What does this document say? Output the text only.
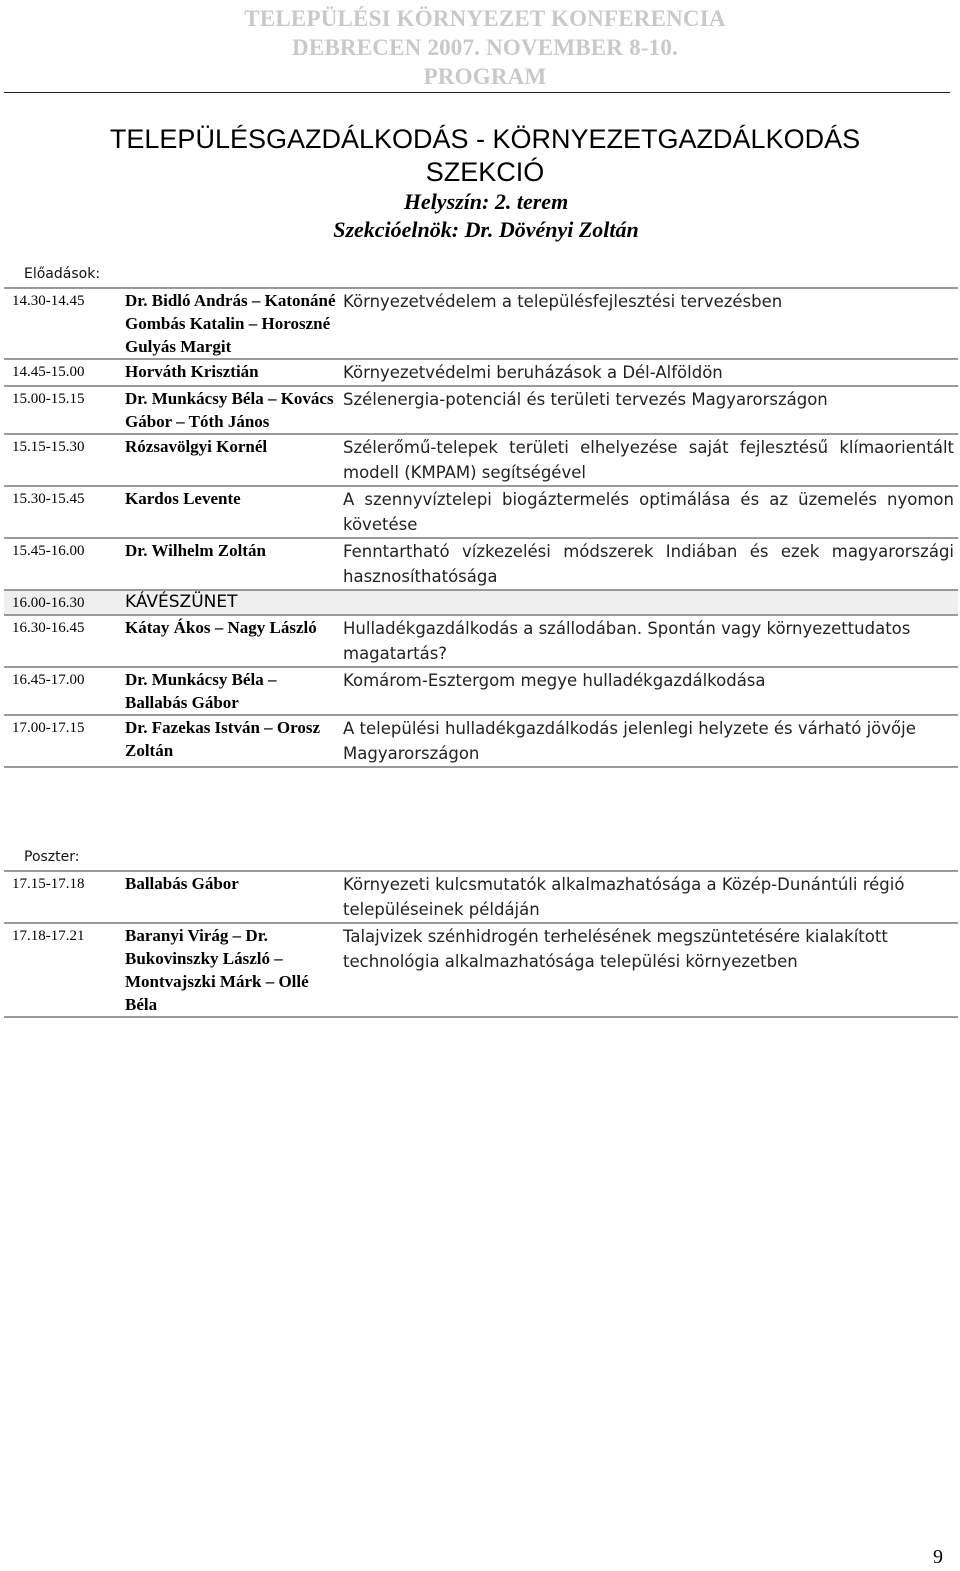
TELEPÜLÉSI KÖRNYEZET KONFERENCIA
DEBRECEN 2007. NOVEMBER 8-10.
PROGRAM
TELEPÜLÉSGAZDÁLKODÁS - KÖRNYEZETGAZDÁLKODÁS
SZEKCIÓ
Helyszín: 2. terem
Szekcióelnök: Dr. Dövényi Zoltán
Előadások:
14.30-14.45	Dr. Bidló András – Katonáné Gombás Katalin – Horoszné Gulyás Margit	Környezetvédelem a településfejlesztési tervezésben
14.45-15.00	Horváth Krisztián	Környezetvédelmi beruházások a Dél-Alföldön
15.00-15.15	Dr. Munkácsy Béla – Kovács Gábor – Tóth János	Szélenergia-potenciál és területi tervezés Magyarországon
15.15-15.30	Rózsavölgyi Kornél	Szélerőmű-telepek területi elhelyezése saját fejlesztésű klímaorientált modell (KMPAM) segítségével
15.30-15.45	Kardos Levente	A szennyvíztelepi biogáztermelés optimálása és az üzemelés nyomon követése
15.45-16.00	Dr. Wilhelm Zoltán	Fenntartható vízkezelési módszerek Indiában és ezek magyarországi hasznosíthatósága
16.00-16.30	KÁVÉSZÜNET	
16.30-16.45	Kátay Ákos – Nagy László	Hulladékgazdálkodás a szállodában. Spontán vagy környezettudatos magatartás?
16.45-17.00	Dr. Munkácsy Béla – Ballabás Gábor	Komárom-Esztergom megye hulladékgazdálkodása
17.00-17.15	Dr. Fazekas István – Orosz Zoltán	A települési hulladékgazdálkodás jelenlegi helyzete és várható jövője Magyarországon
Poszter:
17.15-17.18	Ballabás Gábor	Környezeti kulcsmutatók alkalmazhatósága a Közép-Dunántúli régió településeinek példáján
17.18-17.21	Baranyi Virág – Dr. Bukovinszky László – Montvajszki Márk – Ollé Béla	Talajvizek szénhidrogén terhelésének megszüntetésére kialakított technológia alkalmazhatósága települési környezetben
9
